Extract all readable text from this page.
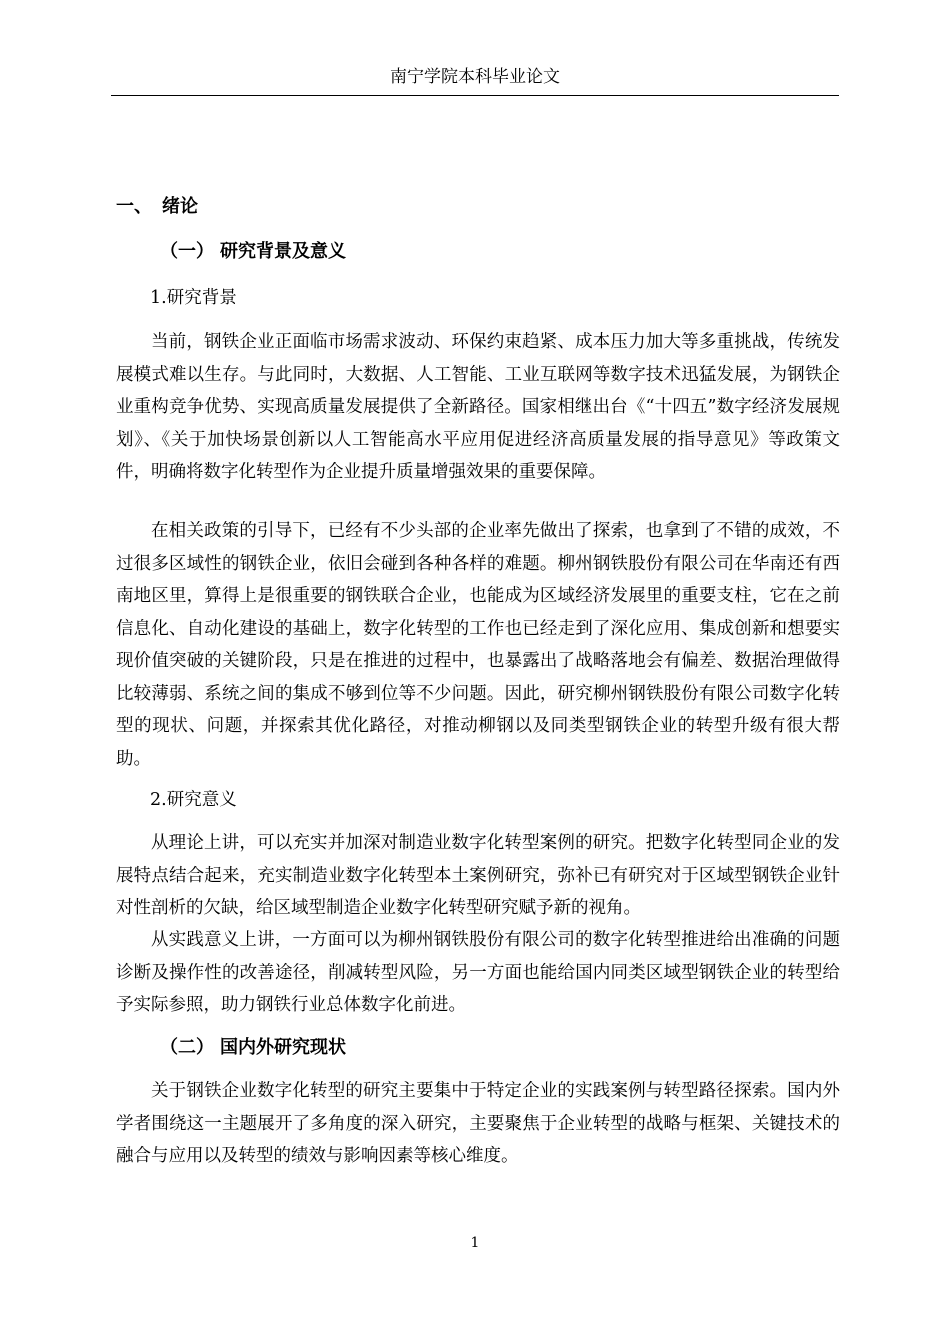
南宁学院本科毕业论文
一、 绪论
（一） 研究背景及意义
1.研究背景

当前，钢铁企业正面临市场需求波动、环保约束趋紧、成本压力加大等多重挑战，传统发展模式难以生存。与此同时，大数据、人工智能、工业互联网等数字技术迅猛发展，为钢铁企业重构竞争优势、实现高质量发展提供了全新路径。国家相继出台《“十四五”数字经济发展规划》、《关于加快场景创新以人工智能高水平应用促进经济高质量发展的指导意见》等政策文件，明确将数字化转型作为企业提升质量增强效果的重要保障。

在相关政策的引导下，已经有不少头部的企业率先做出了探索，也拿到了不错的成效，不过很多区域性的钢铁企业，依旧会碰到各种各样的难题。柳州钢铁股份有限公司在华南还有西南地区里，算得上是很重要的钢铁联合企业，也能成为区域经济发展里的重要支柱，它在之前信息化、自动化建设的基础上，数字化转型的工作也已经走到了深化应用、集成创新和想要实现价值突破的关键阶段，只是在推进的过程中，也暴露出了战略落地会有偏差、数据治理做得比较薄弱、系统之间的集成不够到位等不少问题。因此，研究柳州钢铁股份有限公司数字化转型的现状、问题，并探索其优化路径，对推动柳钢以及同类型钢铁企业的转型升级有很大帮助。

2.研究意义

从理论上讲，可以充实并加深对制造业数字化转型案例的研究。把数字化转型同企业的发展特点结合起来，充实制造业数字化转型本土案例研究，弥补已有研究对于区域型钢铁企业针对性剖析的欠缺，给区域型制造企业数字化转型研究赋予新的视角。

从实践意义上讲，一方面可以为柳州钢铁股份有限公司的数字化转型推进给出准确的问题诊断及操作性的改善途径，削减转型风险，另一方面也能给国内同类区域型钢铁企业的转型给予实际参照，助力钢铁行业总体数字化前进。

（二） 国内外研究现状

关于钢铁企业数字化转型的研究主要集中于特定企业的实践案例与转型路径探索。国内外学者围绕这一主题展开了多角度的深入研究，主要聚焦于企业转型的战略与框架、关键技术的融合与应用以及转型的绩效与影响因素等核心维度。

1
